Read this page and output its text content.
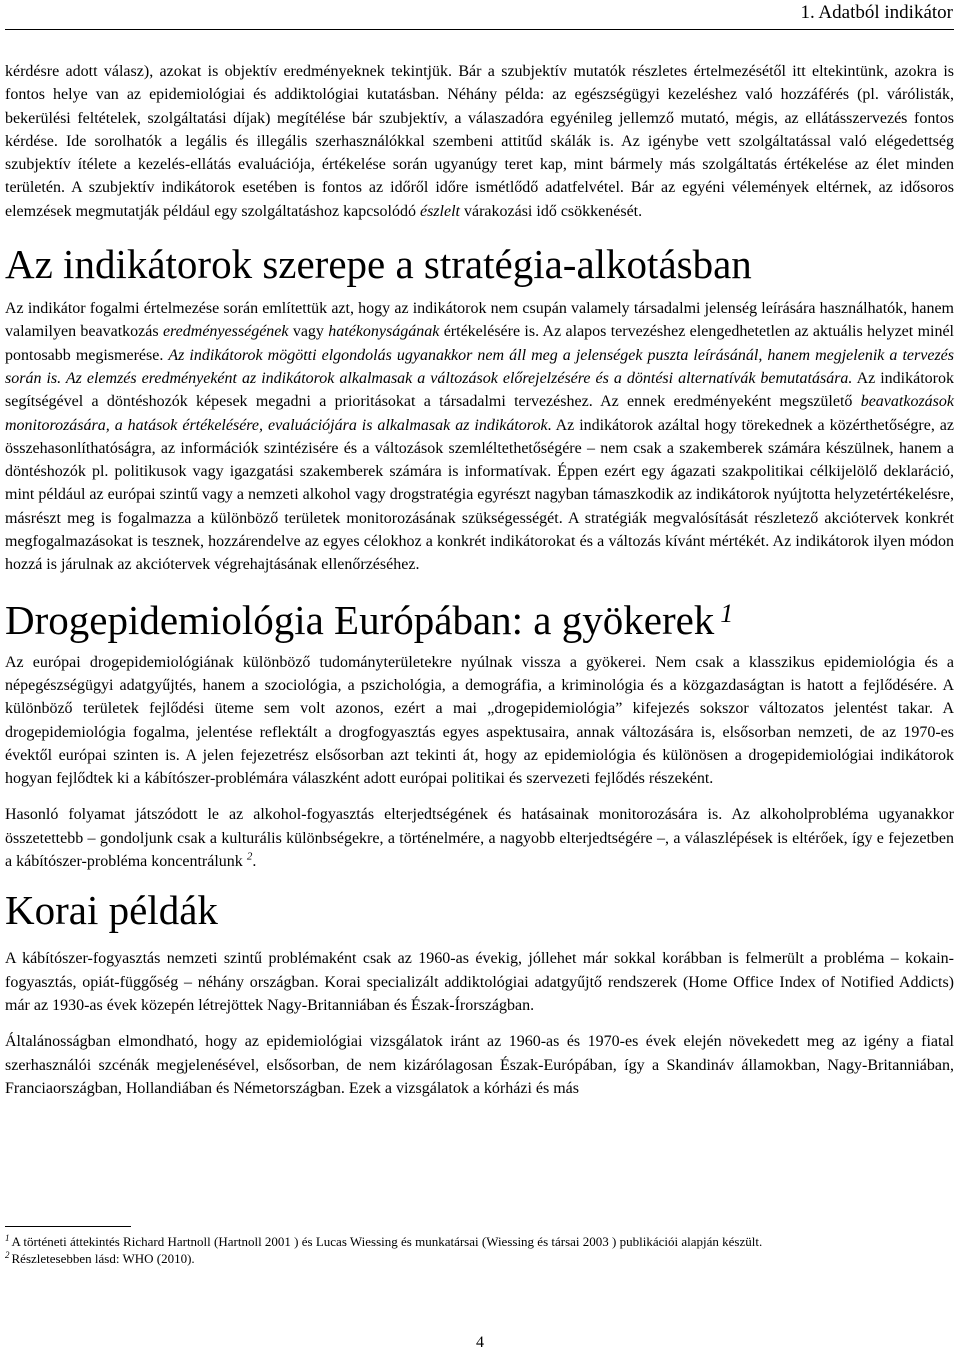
1. Adatból indikátor

kérdésre adott válasz), azokat is objektív eredményeknek tekintjük. Bár a szubjektív mutatók részletes értelmezésétől itt eltekintünk, azokra is fontos helye van az epidemiológiai és addiktológiai kutatásban. Néhány példa: az egészségügyi kezeléshez való hozzáférés (pl. várólisták, bekerülési feltételek, szolgáltatási díjak) megítélése bár szubjektív, a válaszadóra egyénileg jellemző mutató, mégis, az ellátásszervezés fontos kérdése. Ide sorolhatók a legális és illegális szerhasználókkal szembeni attitűd skálák is. Az igénybe vett szolgáltatással való elégedettség szubjektív ítélete a kezelés-ellátás evaluációja, értékelése során ugyanúgy teret kap, mint bármely más szolgáltatás értékelése az élet minden területén. A szubjektív indikátorok esetében is fontos az időről időre ismétlődő adatfelvétel. Bár az egyéni vélemények eltérnek, az idősoros elemzések megmutatják például egy szolgáltatáshoz kapcsolódó észlelt várakozási idő csökkenését.

Az indikátorok szerepe a stratégia-alkotásban

Az indikátor fogalmi értelmezése során említettük azt, hogy az indikátorok nem csupán valamely társadalmi jelenség leírására használhatók, hanem valamilyen beavatkozás eredményességének vagy hatékonyságának értékelésére is. Az alapos tervezéshez elengedhetetlen az aktuális helyzet minél pontosabb megismerése. Az indikátorok mögötti elgondolás ugyanakkor nem áll meg a jelenségek puszta leírásánál, hanem megjelenik a tervezés során is. Az elemzés eredményeként az indikátorok alkalmasak a változások előrejelzésére és a döntési alternatívák bemutatására. Az indikátorok segítségével a döntéshozók képesek megadni a prioritásokat a társadalmi tervezéshez. Az ennek eredményeként megszülető beavatkozások monitorozására, a hatások értékelésére, evaluációjára is alkalmasak az indikátorok. Az indikátorok azáltal hogy törekednek a közérthetőségre, az összehasonlíthatóságra, az információk szintézisére és a változások szemléltethetőségére – nem csak a szakemberek számára készülnek, hanem a döntéshozók pl. politikusok vagy igazgatási szakemberek számára is informatívak. Éppen ezért egy ágazati szakpolitikai célkijelölő deklaráció, mint például az európai szintű vagy a nemzeti alkohol vagy drogstratégia egyrészt nagyban támaszkodik az indikátorok nyújtotta helyzetértékelésre, másrészt meg is fogalmazza a különböző területek monitorozásának szükségességét. A stratégiák megvalósítását részletező akciótervek konkrét megfogalmazásokat is tesznek, hozzárendelve az egyes célokhoz a konkrét indikátorokat és a változás kívánt mértékét. Az indikátorok ilyen módon hozzá is járulnak az akciótervek végrehajtásának ellenőrzéséhez.

Drogepidemiológia Európában: a gyökerek $^1$

Az európai drogepidemiológiának különböző tudományterületekre nyúlnak vissza a gyökerei. Nem csak a klasszikus epidemiológia és a népegészségügyi adatgyűjtés, hanem a szociológia, a pszichológia, a demográfia, a kriminológia és a közgazdaságtan is hatott a fejlődésére. A különböző területek fejlődési üteme sem volt azonos, ezért a mai „drogepidemiológia” kifejezés sokszor változatos jelentést takar. A drogepidemiológia fogalma, jelentése reflektált a drogfogyasztás egyes aspektusaira, annak változására is, elsősorban nemzeti, de az 1970-es évektől európai szinten is. A jelen fejezetrész elsősorban azt tekinti át, hogy az epidemiológia és különösen a drogepidemiológiai indikátorok hogyan fejlődtek ki a kábítószer-problémára válaszként adott európai politikai és szervezeti fejlődés részeként.

Hasonló folyamat játszódott le az alkohol-fogyasztás elterjedtségének és hatásainak monitorozására is. Az alkoholprobléma ugyanakkor összetettebb – gondoljunk csak a kulturális különbségekre, a történelmére, a nagyobb elterjedtségére –, a válaszlépések is eltérőek, így e fejezetben a kábítószer-probléma koncentrálunk $^2$.

Korai példák

A kábítószer-fogyasztás nemzeti szintű problémaként csak az 1960-as évekig, jóllehet már sokkal korábban is felmerült a probléma – kokain-fogyasztás, opiát-függőség – néhány országban. Korai specializált addiktológiai adatgyűjtő rendszerek (Home Office Index of Notified Addicts) már az 1930-as évek közepén létrejöttek Nagy-Britanniában és Észak-Írországban.

Általánosságban elmondható, hogy az epidemiológiai vizsgálatok iránt az 1960-as és 1970-es évek elején növekedett meg az igény a fiatal szerhasználói szcénák megjelenésével, elsősorban, de nem kizárólagosan Észak-Európában, így a Skandináv államokban, Nagy-Britanniában, Franciaországban, Hollandiában és Németországban. Ezek a vizsgálatok a kórházi és más

$^1$ A történeti áttekintés Richard Hartnoll (Hartnoll 2001 ) és Lucas Wiessing és munkatársai (Wiessing és társai 2003 ) publikációi alapján készült.
$^2$ Részletesebben lásd: WHO (2010).
4
